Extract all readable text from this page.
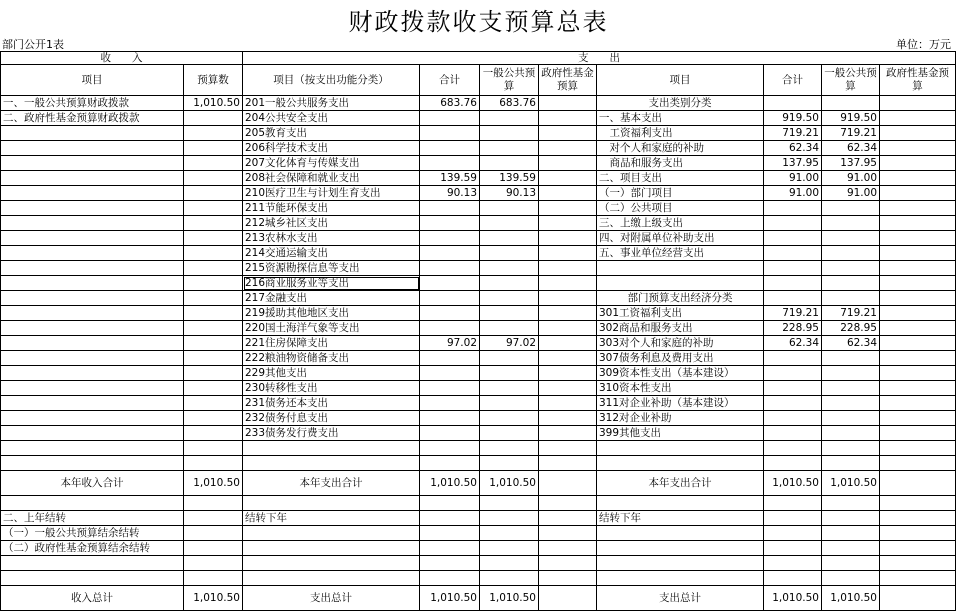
财政拨款收支预算总表
部门公开1表	单位：万元
收　　入		支　　出							
项目	预算数	项目（按支出功能分类）	合计	一般公共预算	政府性基金预算	项目	合计	一般公共预算	政府性基金预算
一、一般公共预算财政拨款	1,010.50	201一般公共服务支出	683.76	683.76		支出类别分类			
二、政府性基金预算财政拨款		204公共安全支出				一、基本支出	919.50	919.50	
		205教育支出				　工资福利支出	719.21	719.21	
		206科学技术支出				　对个人和家庭的补助	62.34	62.34	
		207文化体育与传媒支出				　商品和服务支出	137.95	137.95	
		208社会保障和就业支出	139.59	139.59		二、项目支出	91.00	91.00	
		210医疗卫生与计划生育支出	90.13	90.13		（一）部门项目	91.00	91.00	
		211节能环保支出				（二）公共项目			
		212城乡社区支出				三、上缴上级支出			
		213农林水支出				四、对附属单位补助支出			
		214交通运输支出				五、事业单位经营支出			
		215资源勘探信息等支出							
		216商业服务业等支出							
		217金融支出				部门预算支出经济分类			
		219援助其他地区支出				301工资福利支出	719.21	719.21	
		220国土海洋气象等支出				302商品和服务支出	228.95	228.95	
		221住房保障支出	97.02	97.02		303对个人和家庭的补助	62.34	62.34	
		222粮油物资储备支出				307债务利息及费用支出			
		229其他支出				309资本性支出（基本建设）			
		230转移性支出				310资本性支出			
		231债务还本支出				311对企业补助（基本建设）			
		232债务付息支出				312对企业补助			
		233债务发行费支出				399其他支出			

本年收入合计	1,010.50	本年支出合计	1,010.50	1,010.50		本年支出合计	1,010.50	1,010.50	

二、上年结转		结转下年				结转下年			
（一）一般公共预算结余结转									
（二）政府性基金预算结余结转									

收入总计	1,010.50	支出总计	1,010.50	1,010.50		支出总计	1,010.50	1,010.50	
